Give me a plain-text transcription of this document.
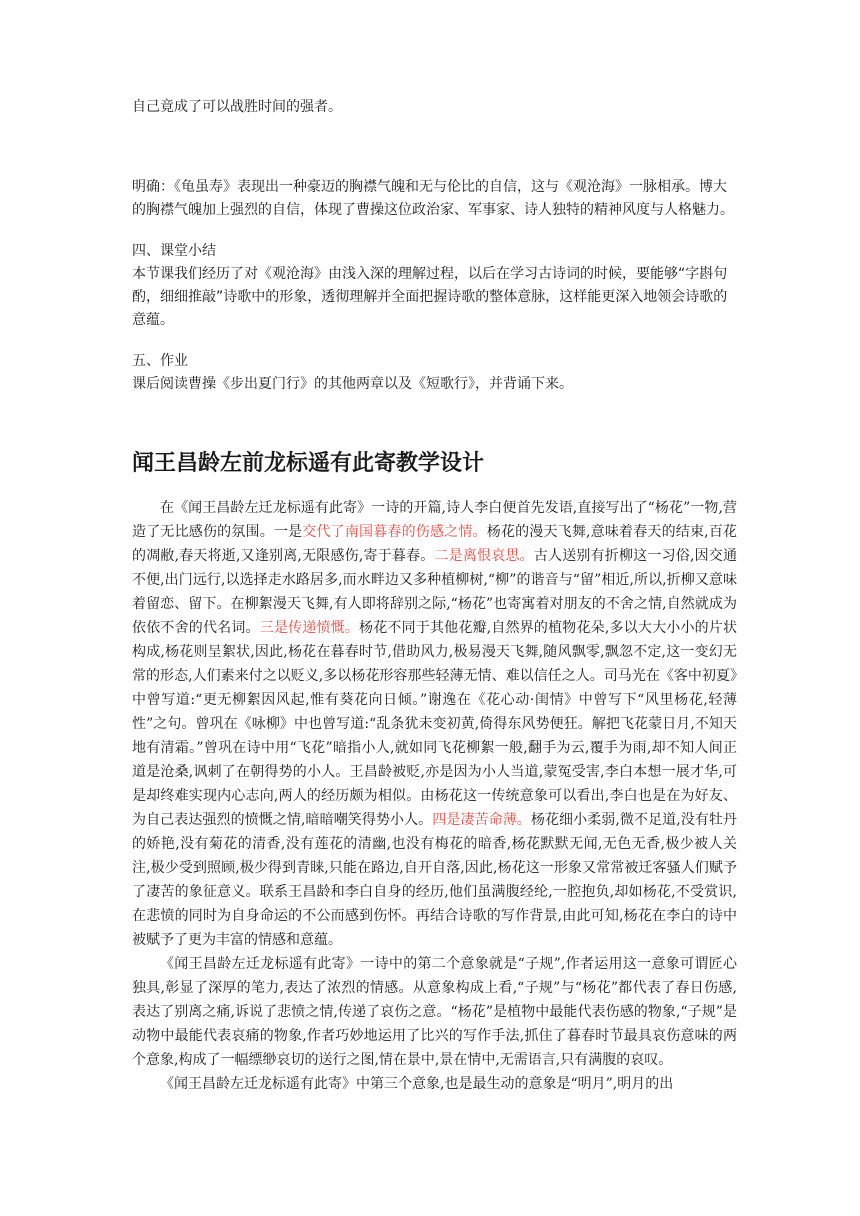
自己竟成了可以战胜时间的强者。

明确：《龟虽寿》表现出一种豪迈的胸襟气魄和无与伦比的自信，这与《观沧海》一脉相承。博大的胸襟气魄加上强烈的自信，体现了曹操这位政治家、军事家、诗人独特的精神风度与人格魅力。

四、课堂小结

本节课我们经历了对《观沧海》由浅入深的理解过程，以后在学习古诗词的时候，要能够“字斟句酌，细细推敲”诗歌中的形象，透彻理解并全面把握诗歌的整体意脉，这样能更深入地领会诗歌的意蕴。

五、作业

课后阅读曹操《步出夏门行》的其他两章以及《短歌行》，并背诵下来。

闻王昌龄左前龙标遥有此寄教学设计

在《闻王昌龄左迁龙标遥有此寄》一诗的开篇,诗人李白便首先发语,直接写出了“杨花”一物,营造了无比感伤的氛围。一是交代了南国暮春的伤感之情。杨花的漫天飞舞,意味着春天的结束,百花的凋敝,春天将逝,又逢别离,无限感伤,寄于暮春。二是离恨哀思。古人送别有折柳这一习俗,因交通不便,出门远行,以选择走水路居多,而水畔边又多种植柳树,“柳”的谐音与“留”相近,所以,折柳又意味着留恋、留下。在柳絮漫天飞舞,有人即将辞别之际,“杨花”也寄寓着对朋友的不舍之情,自然就成为依依不舍的代名词。三是传递愤慨。杨花不同于其他花瓣,自然界的植物花朵,多以大大小小的片状构成,杨花则呈絮状,因此,杨花在暮春时节,借助风力,极易漫天飞舞,随风飘零,飘忽不定,这一变幻无常的形态,人们素来付之以贬义,多以杨花形容那些轻薄无情、难以信任之人。司马光在《客中初夏》中曾写道:“更无柳絮因风起,惟有葵花向日倾。”谢逸在《花心动·闺情》中曾写下“风里杨花,轻薄性”之句。曾巩在《咏柳》中也曾写道:“乱条犹未变初黄,倚得东风势便狂。解把飞花蒙日月,不知天地有清霜。”曾巩在诗中用“飞花”暗指小人,就如同飞花柳絮一般,翻手为云,覆手为雨,却不知人间正道是沧桑,讽刺了在朝得势的小人。王昌龄被贬,亦是因为小人当道,蒙冤受害,李白本想一展才华,可是却终难实现内心志向,两人的经历颇为相似。由杨花这一传统意象可以看出,李白也是在为好友、为自己表达强烈的愤慨之情,暗暗嘲笑得势小人。四是凄苦命薄。杨花细小柔弱,微不足道,没有牡丹的娇艳,没有菊花的清香,没有莲花的清幽,也没有梅花的暗香,杨花默默无闻,无色无香,极少被人关注,极少受到照顾,极少得到青睐,只能在路边,自开自落,因此,杨花这一形象又常常被迁客骚人们赋予了凄苦的象征意义。联系王昌龄和李白自身的经历,他们虽满腹经纶,一腔抱负,却如杨花,不受赏识,在悲愤的同时为自身命运的不公而感到伤怀。再结合诗歌的写作背景,由此可知,杨花在李白的诗中被赋予了更为丰富的情感和意蕴。

《闻王昌龄左迁龙标遥有此寄》一诗中的第二个意象就是“子规”,作者运用这一意象可谓匠心独具,彰显了深厚的笔力,表达了浓烈的情感。从意象构成上看,“子规”与“杨花”都代表了春日伤感,表达了别离之痛,诉说了悲愤之情,传递了哀伤之意。“杨花”是植物中最能代表伤感的物象,“子规”是动物中最能代表哀痛的物象,作者巧妙地运用了比兴的写作手法,抓住了暮春时节最具哀伤意味的两个意象,构成了一幅缥缈哀切的送行之图,情在景中,景在情中,无需语言,只有满腹的哀叹。

《闻王昌龄左迁龙标遥有此寄》中第三个意象,也是最生动的意象是“明月”,明月的出
